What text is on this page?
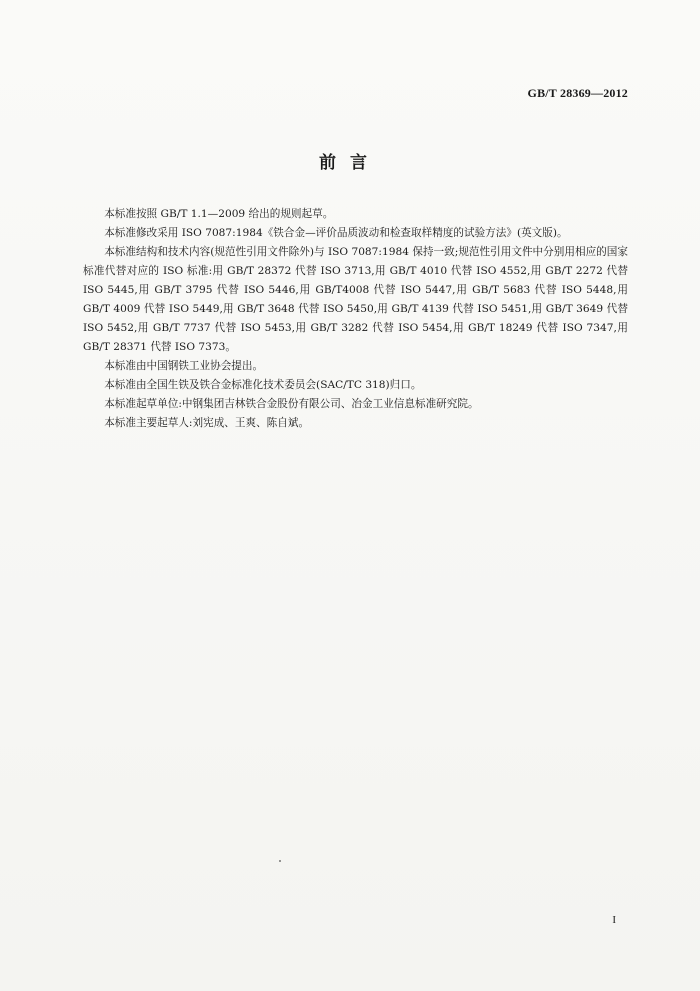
GB/T 28369—2012
前言

本标准按照 GB/T 1.1—2009 给出的规则起草。

本标准修改采用 ISO 7087:1984《铁合金—评价品质波动和检查取样精度的试验方法》(英文版)。

本标准结构和技术内容(规范性引用文件除外)与 ISO 7087:1984 保持一致;规范性引用文件中分别用相应的国家标准代替对应的 ISO 标准:用 GB/T 28372 代替 ISO 3713,用 GB/T 4010 代替 ISO 4552,用 GB/T 2272 代替 ISO 5445,用 GB/T 3795 代替 ISO 5446,用 GB/T4008 代替 ISO 5447,用 GB/T 5683 代替 ISO 5448,用 GB/T 4009 代替 ISO 5449,用 GB/T 3648 代替 ISO 5450,用 GB/T 4139 代替 ISO 5451,用 GB/T 3649 代替 ISO 5452,用 GB/T 7737 代替 ISO 5453,用 GB/T 3282 代替 ISO 5454,用 GB/T 18249 代替 ISO 7347,用 GB/T 28371 代替 ISO 7373。

本标准由中国钢铁工业协会提出。

本标准由全国生铁及铁合金标准化技术委员会(SAC/TC 318)归口。

本标准起草单位:中钢集团吉林铁合金股份有限公司、冶金工业信息标准研究院。

本标准主要起草人:刘宪成、王爽、陈自斌。

I
